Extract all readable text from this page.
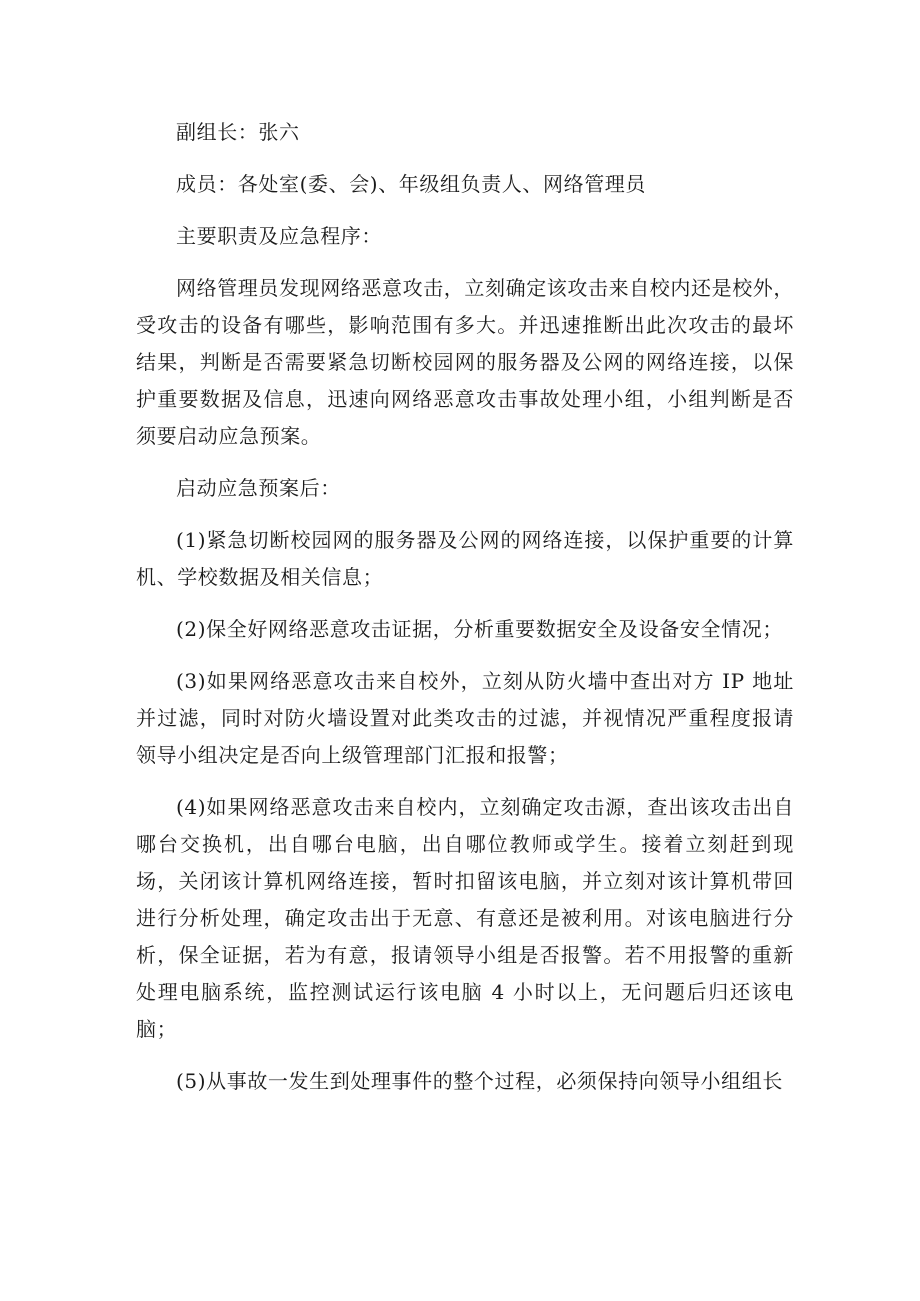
副组长：张六

成员：各处室(委、会)、年级组负责人、网络管理员

主要职责及应急程序：

网络管理员发现网络恶意攻击，立刻确定该攻击来自校内还是校外，受攻击的设备有哪些，影响范围有多大。并迅速推断出此次攻击的最坏结果，判断是否需要紧急切断校园网的服务器及公网的网络连接，以保护重要数据及信息，迅速向网络恶意攻击事故处理小组，小组判断是否须要启动应急预案。

启动应急预案后：

(1)紧急切断校园网的服务器及公网的网络连接，以保护重要的计算机、学校数据及相关信息；

(2)保全好网络恶意攻击证据，分析重要数据安全及设备安全情况；

(3)如果网络恶意攻击来自校外，立刻从防火墙中查出对方 IP 地址并过滤，同时对防火墙设置对此类攻击的过滤，并视情况严重程度报请领导小组决定是否向上级管理部门汇报和报警；

(4)如果网络恶意攻击来自校内，立刻确定攻击源，查出该攻击出自哪台交换机，出自哪台电脑，出自哪位教师或学生。接着立刻赶到现场，关闭该计算机网络连接，暂时扣留该电脑，并立刻对该计算机带回进行分析处理，确定攻击出于无意、有意还是被利用。对该电脑进行分析，保全证据，若为有意，报请领导小组是否报警。若不用报警的重新处理电脑系统，监控测试运行该电脑 4 小时以上，无问题后归还该电脑；

(5)从事故一发生到处理事件的整个过程，必须保持向领导小组组长
